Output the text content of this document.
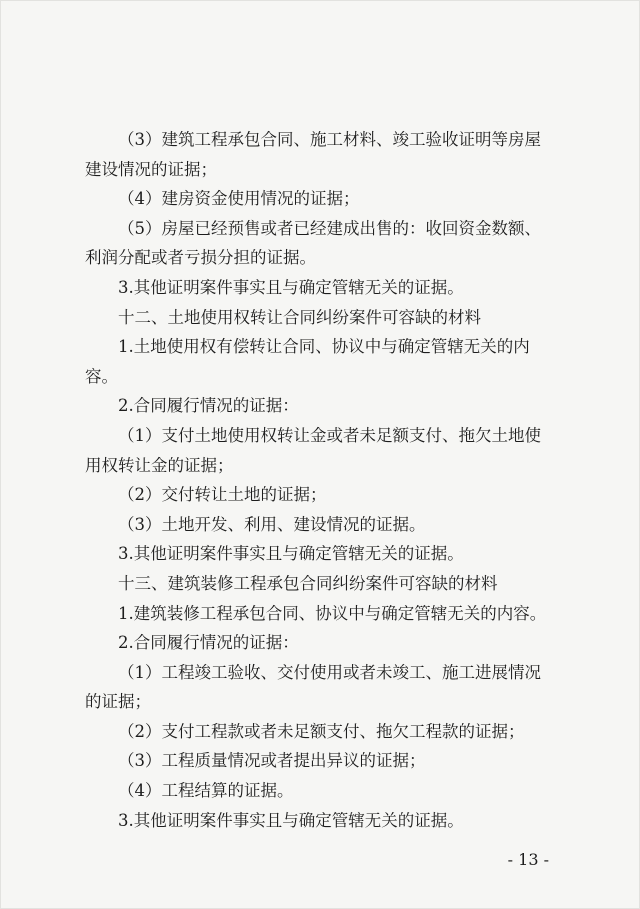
（3）建筑工程承包合同、施工材料、竣工验收证明等房屋

建设情况的证据；

（4）建房资金使用情况的证据；

（5）房屋已经预售或者已经建成出售的：收回资金数额、

利润分配或者亏损分担的证据。

3.其他证明案件事实且与确定管辖无关的证据。

十二、土地使用权转让合同纠纷案件可容缺的材料

1.土地使用权有偿转让合同、协议中与确定管辖无关的内

容。

2.合同履行情况的证据：

（1）支付土地使用权转让金或者未足额支付、拖欠土地使

用权转让金的证据；

（2）交付转让土地的证据；

（3）土地开发、利用、建设情况的证据。

3.其他证明案件事实且与确定管辖无关的证据。

十三、建筑装修工程承包合同纠纷案件可容缺的材料

1.建筑装修工程承包合同、协议中与确定管辖无关的内容。

2.合同履行情况的证据：

（1）工程竣工验收、交付使用或者未竣工、施工进展情况

的证据；

（2）支付工程款或者未足额支付、拖欠工程款的证据；

（3）工程质量情况或者提出异议的证据；

（4）工程结算的证据。

3.其他证明案件事实且与确定管辖无关的证据。

- 13 -
